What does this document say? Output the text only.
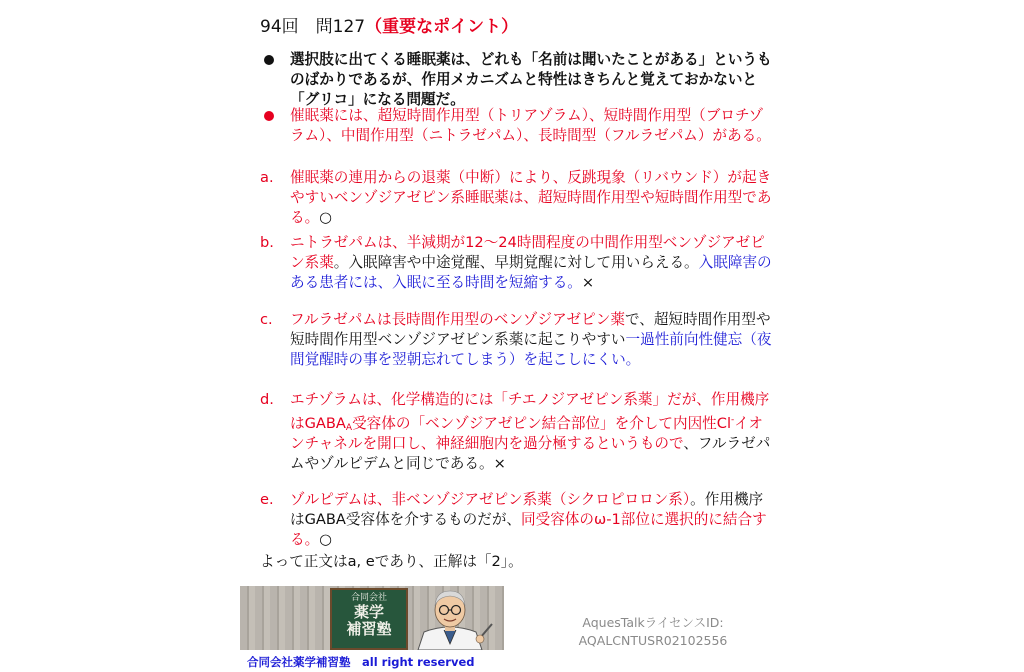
94回　問127（重要なポイント）
選択肢に出てくる睡眠薬は、どれも「名前は聞いたことがある」というものばかりであるが、作用メカニズムと特性はきちんと覚えておかないと「グリコ」になる問題だ。
催眠薬には、超短時間作用型（トリアゾラム）、短時間作用型（ブロチゾラム）、中間作用型（ニトラゼパム）、長時間型（フルラゼパム）がある。
a.	催眠薬の連用からの退薬（中断）により、反跳現象（リバウンド）が起きやすいベンゾジアゼピン系睡眠薬は、超短時間作用型や短時間作用型である。○
b.	ニトラゼパムは、半減期が12～24時間程度の中間作用型ベンゾジアゼピン系薬。入眠障害や中途覚醒、早期覚醒に対して用いらえる。入眠障害のある患者には、入眠に至る時間を短縮する。×
c.	フルラゼパムは長時間作用型のベンゾジアゼピン薬で、超短時間作用型や短時間作用型ベンゾジアゼピン系薬に起こりやすい一過性前向性健忘（夜間覚醒時の事を翌朝忘れてしまう）を起こしにくい。
d.	エチゾラムは、化学構造的には「チエノジアゼピン系薬」だが、作用機序は$GABA_A$受容体の「ベンゾジアゼピン結合部位」を介して内因性Cl-イオンチャネルを開口し、神経細胞内を過分極するというもので、フルラゼパムやゾルピデムと同じである。×
e.	ゾルピデムは、非ベンゾジアゼピン系薬（シクロピロロン系）。作用機序はGABA受容体を介するものだが、同受容体のω-1部位に選択的に結合する。○
よって正文はa, eであり、正解は「2」。
合同会社
薬学
補習塾
合同会社薬学補習塾　all right reserved
AquesTalkライセンスID:
AQALCNTUSR02102556
